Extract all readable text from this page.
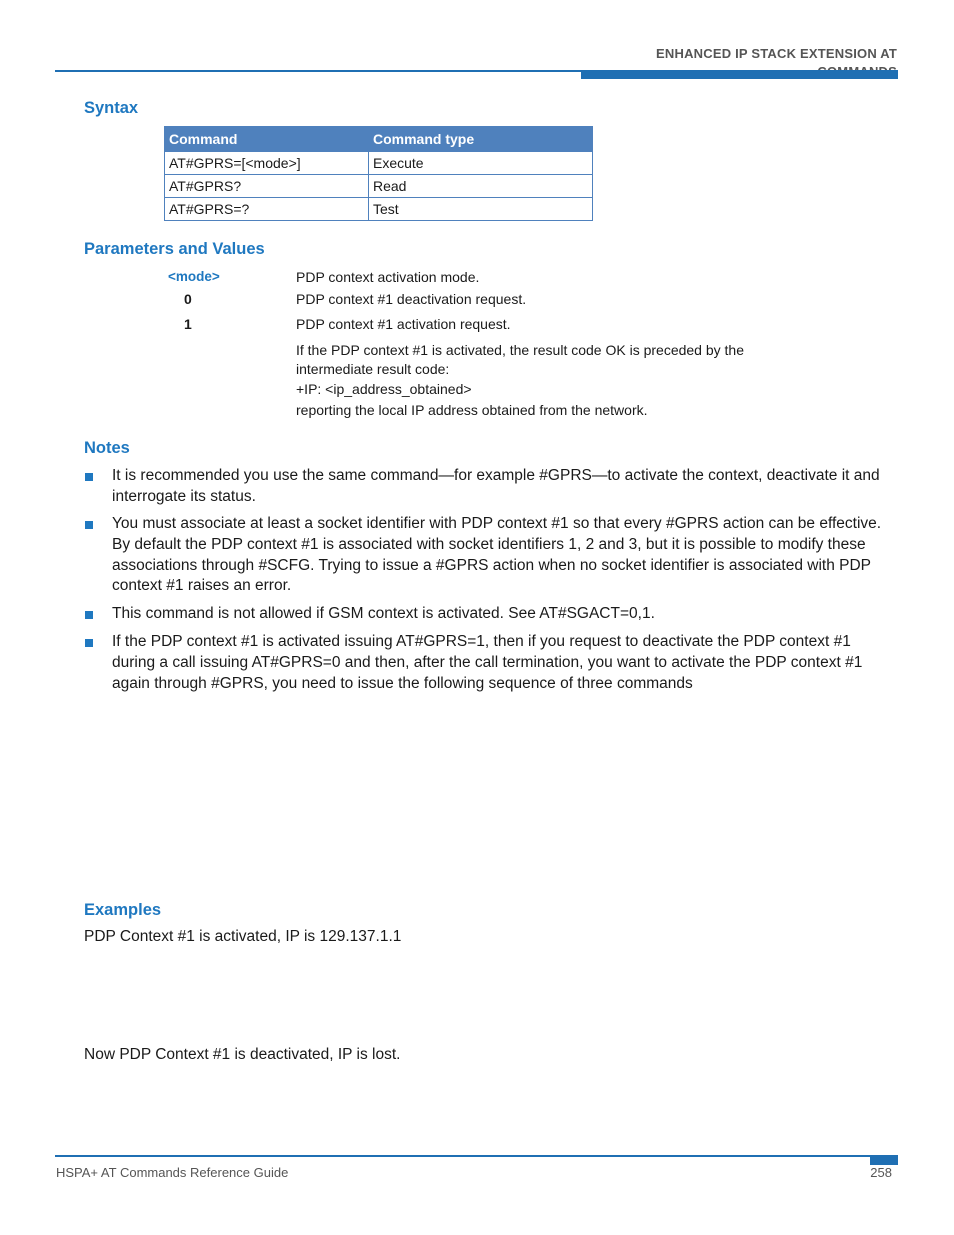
ENHANCED IP STACK EXTENSION AT
Syntax
Command	Command type
AT#GPRS=[<mode>]	Execute
AT#GPRS?	Read
AT#GPRS=?	Test
Parameters and Values
<mode>	PDP context activation mode.
0	PDP context #1 deactivation request.
1	PDP context #1 activation request.
If the PDP context #1 is activated, the result code OK is preceded by the
intermediate result code:
+IP: <ip_address_obtained>
reporting the local IP address obtained from the network.
Notes
It is recommended you use the same command—for example #GPRS—to activate the context, deactivate it and interrogate its status.
You must associate at least a socket identifier with PDP context #1 so that every #GPRS action can be effective. By default the PDP context #1 is associated with socket identifiers 1, 2 and 3, but it is possible to modify these associations through #SCFG. Trying to issue a #GPRS action when no socket identifier is associated with PDP context #1 raises an error.
This command is not allowed if GSM context is activated. See AT#SGACT=0,1.
If the PDP context #1 is activated issuing AT#GPRS=1, then if you request to deactivate the PDP context #1 during a call issuing AT#GPRS=0 and then, after the call termination, you want to activate the PDP context #1 again through #GPRS, you need to issue the following sequence of three commands
Examples
PDP Context #1 is activated, IP is 129.137.1.1
Now PDP Context #1 is deactivated, IP is lost.
HSPA+ AT Commands Reference Guide	258
